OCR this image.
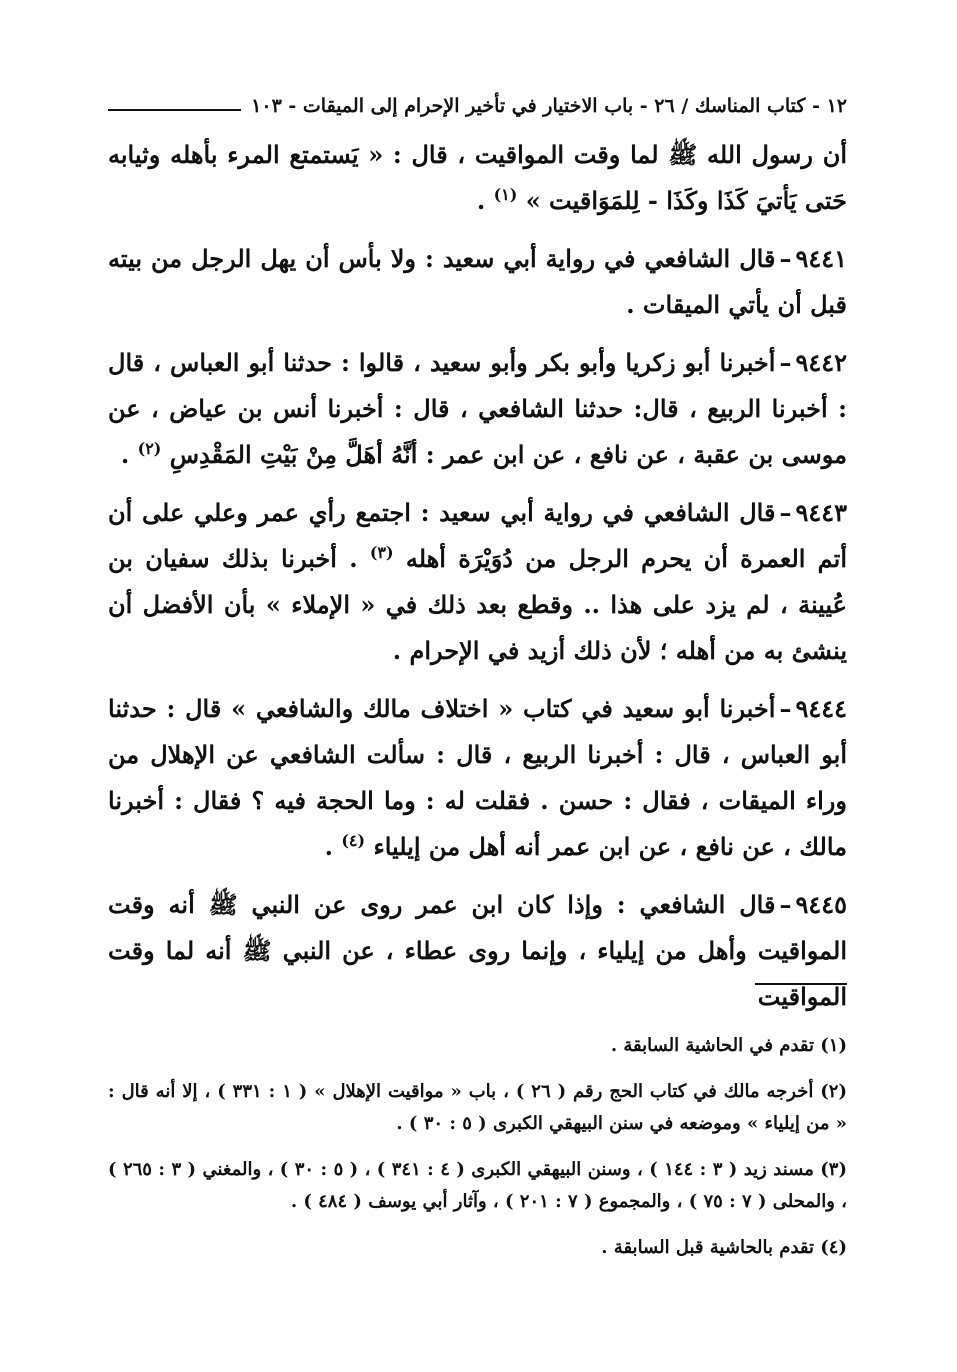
١٢ - كتاب المناسك / ٢٦ - باب الاختيار في تأخير الإحرام إلى الميقات - ١٠٣

أن رسول الله ﷺ لما وقت المواقيت ، قال : « يَستمتع المرء بأهله وثيابه حَتى يَأتيَ كَذَا وكَذَا - لِلمَوَاقيت » $^{(١)}$ .

٩٤٤١–قال الشافعي في رواية أبي سعيد : ولا بأس أن يهل الرجل من بيته قبل أن يأتي الميقات .

٩٤٤٢–أخبرنا أبو زكريا وأبو بكر وأبو سعيد ، قالوا : حدثنا أبو العباس ، قال : أخبرنا الربيع ، قال: حدثنا الشافعي ، قال : أخبرنا أنس بن عياض ، عن موسى بن عقبة ، عن نافع ، عن ابن عمر : أنَّهُ أهَلَّ مِنْ بَيْتِ المَقْدِسِ $^{(٢)}$ .

٩٤٤٣–قال الشافعي في رواية أبي سعيد : اجتمع رأي عمر وعلي على أن أتم العمرة أن يحرم الرجل من دُوَيْرَة أهله $^{(٣)}$ . أخبرنا بذلك سفيان بن عُيينة ، لم يزد على هذا .. وقطع بعد ذلك في « الإملاء » بأن الأفضل أن ينشئ به من أهله ؛ لأن ذلك أزيد في الإحرام .

٩٤٤٤–أخبرنا أبو سعيد في كتاب « اختلاف مالك والشافعي » قال : حدثنا أبو العباس ، قال : أخبرنا الربيع ، قال : سألت الشافعي عن الإهلال من وراء الميقات ، فقال : حسن . فقلت له : وما الحجة فيه ؟ فقال : أخبرنا مالك ، عن نافع ، عن ابن عمر أنه أهل من إيلياء $^{(٤)}$ .

٩٤٤٥–قال الشافعي : وإذا كان ابن عمر روى عن النبي ﷺ أنه وقت المواقيت وأهل من إيلياء ، وإنما روى عطاء ، عن النبي ﷺ أنه لما وقت المواقيت

(١) تقدم في الحاشية السابقة .

(٢) أخرجه مالك في كتاب الحج رقم ( ٢٦ ) ، باب « مواقيت الإهلال » ( ١ : ٣٣١ ) ، إلا أنه قال : « من إيلياء » وموضعه في سنن البيهقي الكبرى ( ٥ : ٣٠ ) .

(٣) مسند زيد ( ٣ : ١٤٤ ) ، وسنن البيهقي الكبرى ( ٤ : ٣٤١ ) ، ( ٥ : ٣٠ ) ، والمغني ( ٣ : ٢٦٥ ) ، والمحلى ( ٧ : ٧٥ ) ، والمجموع ( ٧ : ٢٠١ ) ، وآثار أبي يوسف ( ٤٨٤ ) .

(٤) تقدم بالحاشية قبل السابقة .
